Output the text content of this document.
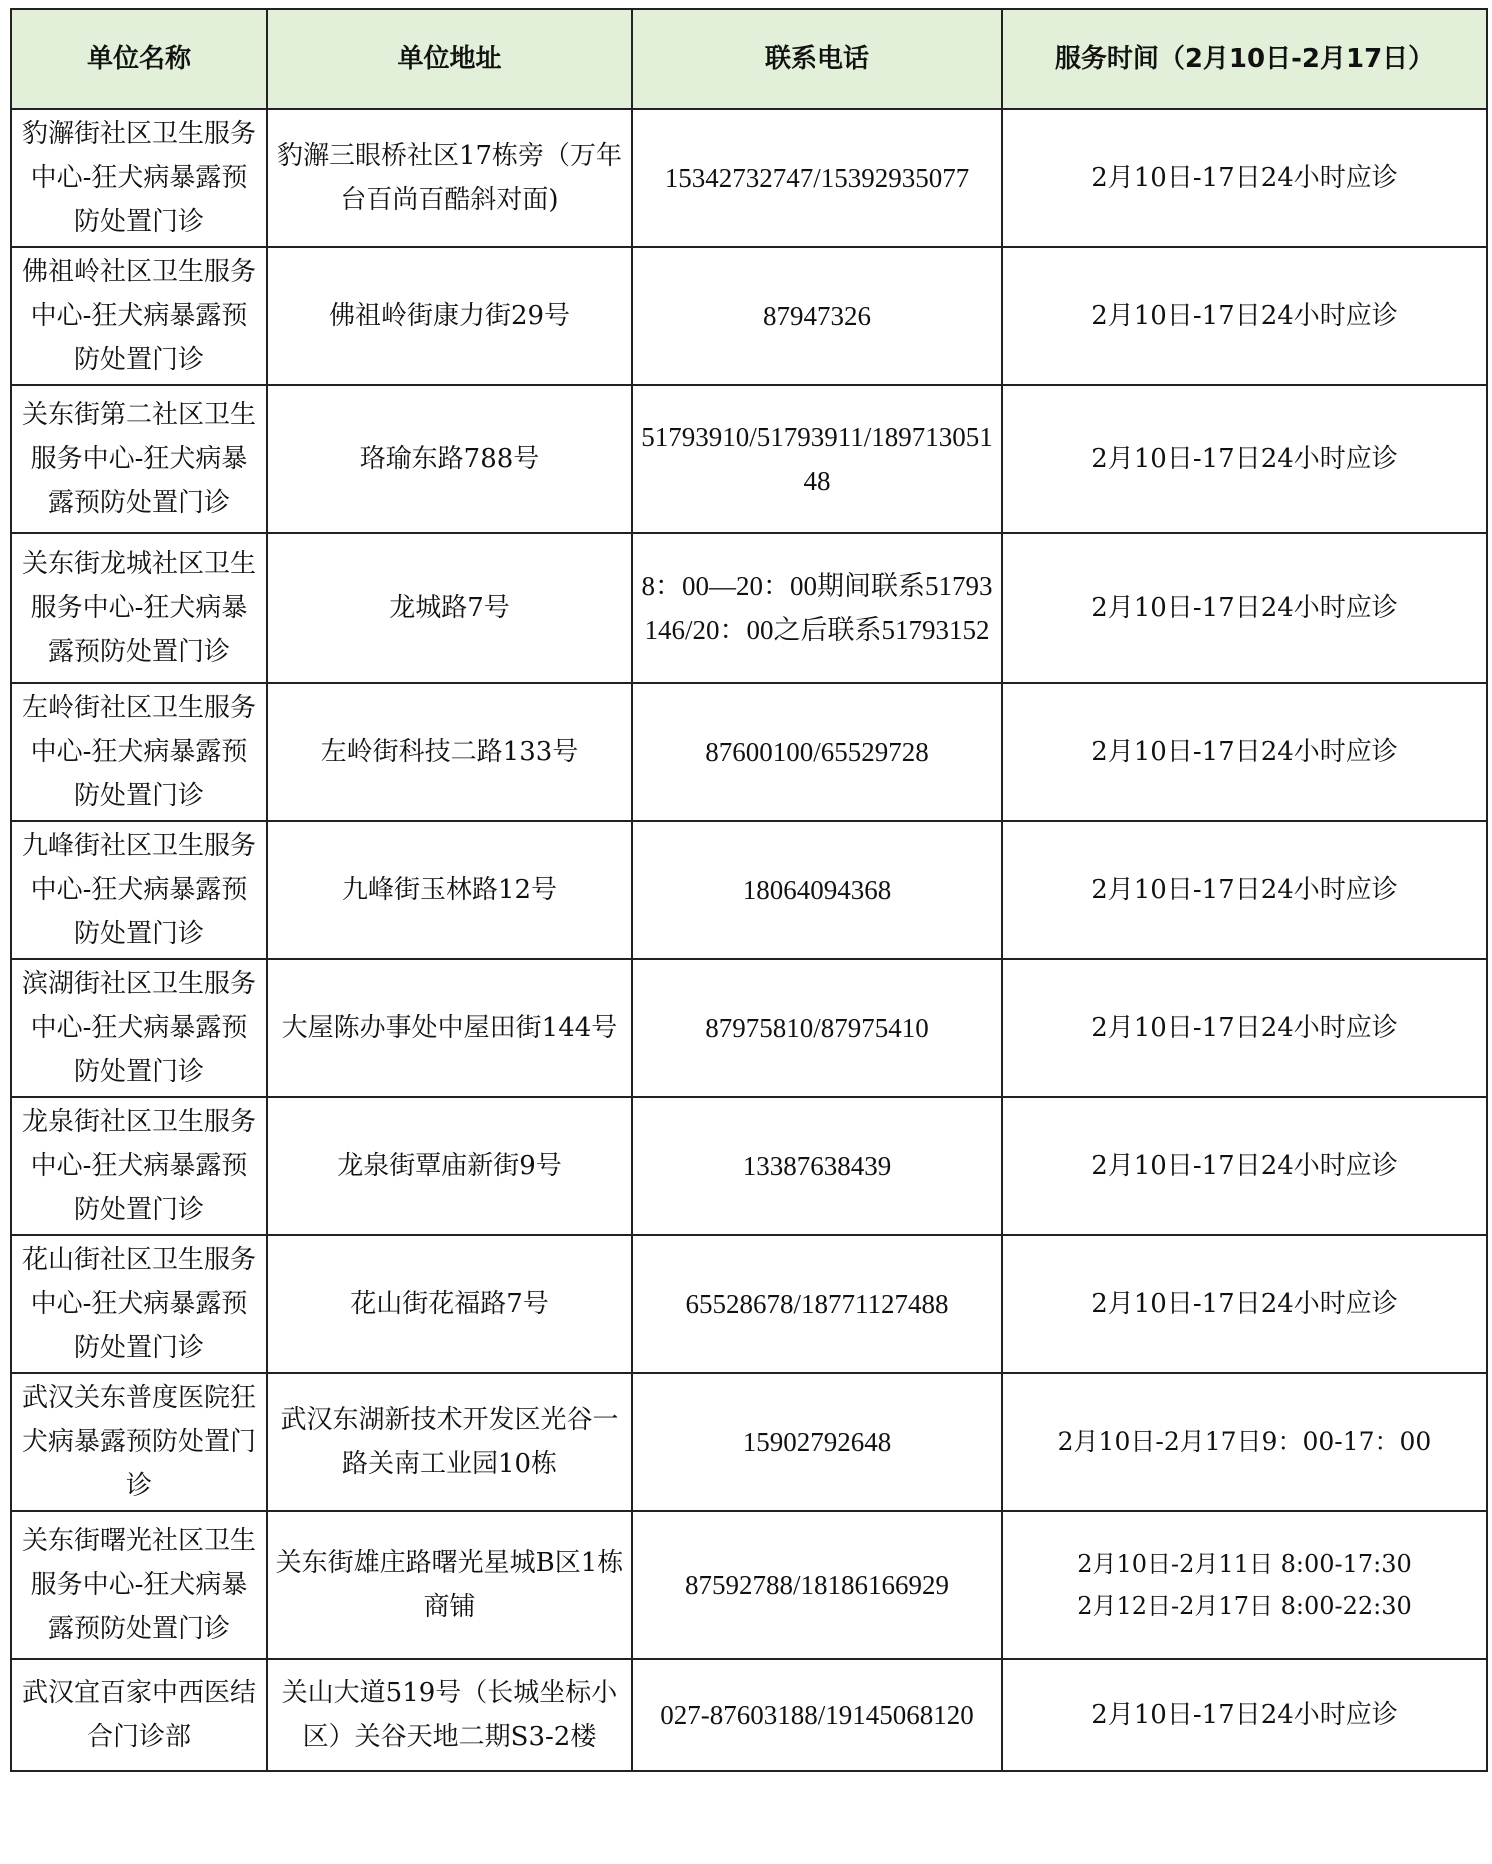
单位名称	单位地址	联系电话	服务时间（2月10日-2月17日）
豹澥街社区卫生服务中心-狂犬病暴露预防处置门诊	豹澥三眼桥社区17栋旁（万年台百尚百酷斜对面)	15342732747/15392935077	2月10日-17日24小时应诊
佛祖岭社区卫生服务中心-狂犬病暴露预防处置门诊	佛祖岭街康力街29号	87947326	2月10日-17日24小时应诊
关东街第二社区卫生服务中心-狂犬病暴露预防处置门诊	珞瑜东路788号	51793910/51793911/18971305148	2月10日-17日24小时应诊
关东街龙城社区卫生服务中心-狂犬病暴露预防处置门诊	龙城路7号	8：00—20：00期间联系51793146/20：00之后联系51793152	2月10日-17日24小时应诊
左岭街社区卫生服务中心-狂犬病暴露预防处置门诊	左岭街科技二路133号	87600100/65529728	2月10日-17日24小时应诊
九峰街社区卫生服务中心-狂犬病暴露预防处置门诊	九峰街玉林路12号	18064094368	2月10日-17日24小时应诊
滨湖街社区卫生服务中心-狂犬病暴露预防处置门诊	大屋陈办事处中屋田街144号	87975810/87975410	2月10日-17日24小时应诊
龙泉街社区卫生服务中心-狂犬病暴露预防处置门诊	龙泉街覃庙新街9号	13387638439	2月10日-17日24小时应诊
花山街社区卫生服务中心-狂犬病暴露预防处置门诊	花山街花福路7号	65528678/18771127488	2月10日-17日24小时应诊
武汉关东普度医院狂犬病暴露预防处置门诊	武汉东湖新技术开发区光谷一路关南工业园10栋	15902792648	2月10日-2月17日9：00-17：00
关东街曙光社区卫生服务中心-狂犬病暴露预防处置门诊	关东街雄庄路曙光星城B区1栋商铺	87592788/18186166929	2月10日-2月11日 8:00-17:30
2月12日-2月17日 8:00-22:30

武汉宜百家中西医结合门诊部	关山大道519号（长城坐标小区）关谷天地二期S3-2楼	027-87603188/19145068120	2月10日-17日24小时应诊
